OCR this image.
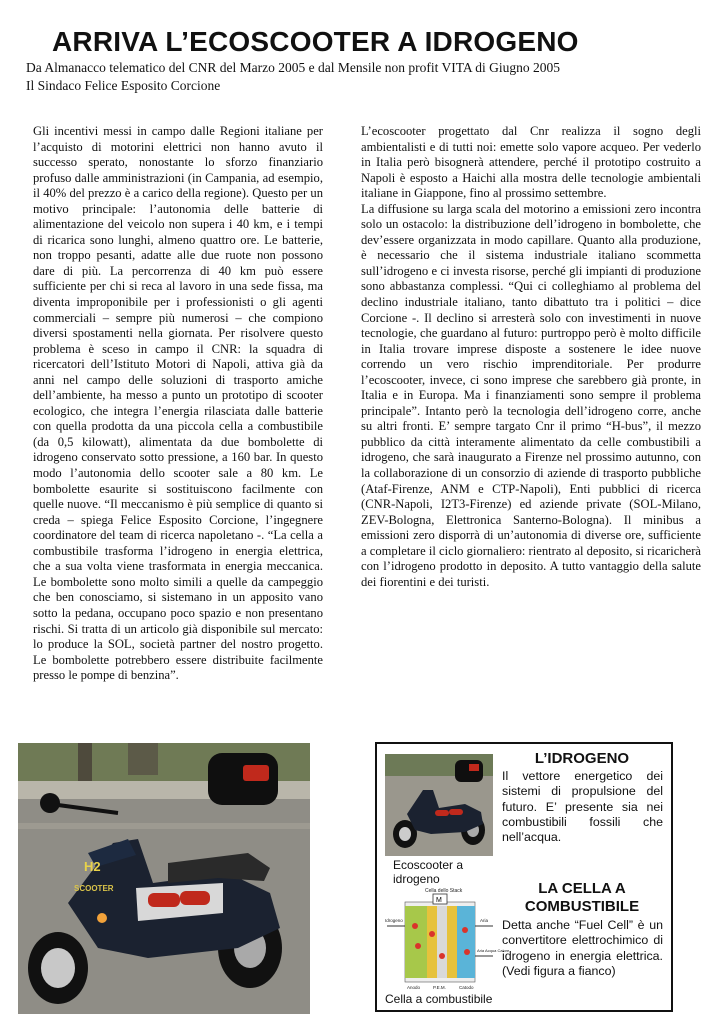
ARRIVA L’ECOSCOOTER A IDROGENO
Da Almanacco telematico del CNR del Marzo 2005 e dal Mensile non profit VITA di Giugno 2005
Il Sindaco Felice Esposito Corcione

Gli incentivi messi in campo dalle Regioni italiane per l’acquisto di motorini elettrici non hanno avuto il successo sperato, nonostante lo sforzo finanziario profuso dalle amministrazioni (in Campania, ad esempio, il 40% del prezzo è a carico della regione). Questo per un motivo principale: l’autonomia delle batterie di alimentazione del veicolo non supera i 40 km, e i tempi di ricarica sono lunghi, almeno quattro ore. Le batterie, non troppo pesanti, adatte alle due ruote non possono dare di più. La percorrenza di 40 km può essere sufficiente per chi si reca al lavoro in una sede fissa, ma diventa improponibile per i professionisti o gli agenti commerciali – sempre più numerosi – che compiono diversi spostamenti nella giornata. Per risolvere questo problema è sceso in campo il CNR: la squadra di ricercatori dell’Istituto Motori di Napoli, attiva già da anni nel campo delle soluzioni di trasporto amiche dell’ambiente, ha messo a punto un prototipo di scooter ecologico, che integra l’energia rilasciata dalle batterie con quella prodotta da una piccola cella a combustibile (da 0,5 kilowatt), alimentata da due bombolette di idrogeno conservato sotto pressione, a 160 bar. In questo modo l’autonomia dello scooter sale a 80 km. Le bombolette esaurite si sostituiscono facilmente con quelle nuove. “Il meccanismo è più semplice di quanto si creda – spiega Felice Esposito Corcione, l’ingegnere coordinatore del team di ricerca napoletano -. “La cella a combustibile trasforma l’idrogeno in energia elettrica, che a sua volta viene trasformata in energia meccanica. Le bombolette sono molto simili a quelle da campeggio che ben conosciamo, si sistemano in un apposito vano sotto la pedana, occupano poco spazio e non presentano rischi. Si tratta di un articolo già disponibile sul mercato: lo produce la SOL, società partner del nostro progetto. Le bombolette potrebbero essere distribuite facilmente presso le pompe di benzina”.

L’ecoscooter progettato dal Cnr realizza il sogno degli ambientalisti e di tutti noi: emette solo vapore acqueo. Per vederlo in Italia però bisognerà attendere, perché il prototipo costruito a Napoli è esposto a Haichi alla mostra delle tecnologie ambientali italiane in Giappone, fino al prossimo settembre.

La diffusione su larga scala del motorino a emissioni zero incontra solo un ostacolo: la distribuzione dell’idrogeno in bombolette, che dev’essere organizzata in modo capillare. Quanto alla produzione, è necessario che il sistema industriale italiano scommetta sull’idrogeno e ci investa risorse, perché gli impianti di produzione sono abbastanza complessi. “Qui ci colleghiamo al problema del declino industriale italiano, tanto dibattuto tra i politici – dice Corcione -. Il declino si arresterà solo con investimenti in nuove tecnologie, che guardano al futuro: purtroppo però è molto difficile in Italia trovare imprese disposte a sostenere le idee nuove correndo un vero rischio imprenditoriale. Per produrre l’ecoscooter, invece, ci sono imprese che sarebbero già pronte, in Italia e in Europa. Ma i finanziamenti sono sempre il problema principale”. Intanto però la tecnologia dell’idrogeno corre, anche su altri fronti. E’ sempre targato Cnr il primo “H-bus”, il mezzo pubblico da città interamente alimentato da celle combustibili a idrogeno, che sarà inaugurato a Firenze nel prossimo autunno, con la collaborazione di un consorzio di aziende di trasporto pubbliche (Ataf-Firenze, ANM e CTP-Napoli), Enti pubblici di ricerca (CNR-Napoli, I2T3-Firenze) ed aziende private (SOL-Milano, ZEV-Bologna, Elettronica Santerno-Bologna). Il minibus a emissioni zero disporrà di un’autonomia di diverse ore, sufficiente a completare il ciclo giornaliero: rientrato al deposito, si ricaricherà con l’idrogeno prodotto in deposito. A tutto vantaggio della salute dei fiorentini e dei turisti.

H2
SCOOTER
L’IDROGENO
Il vettore energetico dei sistemi di propulsione del futuro. E’ presente sia nei combustibili fossili che nell’acqua.
Ecoscooter a idrogeno
M
Cella dello Stack
Idrogeno	Aria
Aria Acqua Calore
Anodo	P.E.M.	Catodo
LA CELLA A COMBUSTIBILE
Detta anche “Fuel Cell” è un convertitore elettrochimico di idrogeno in energia elettrica. (Vedi figura a fianco)
Cella a combustibile
